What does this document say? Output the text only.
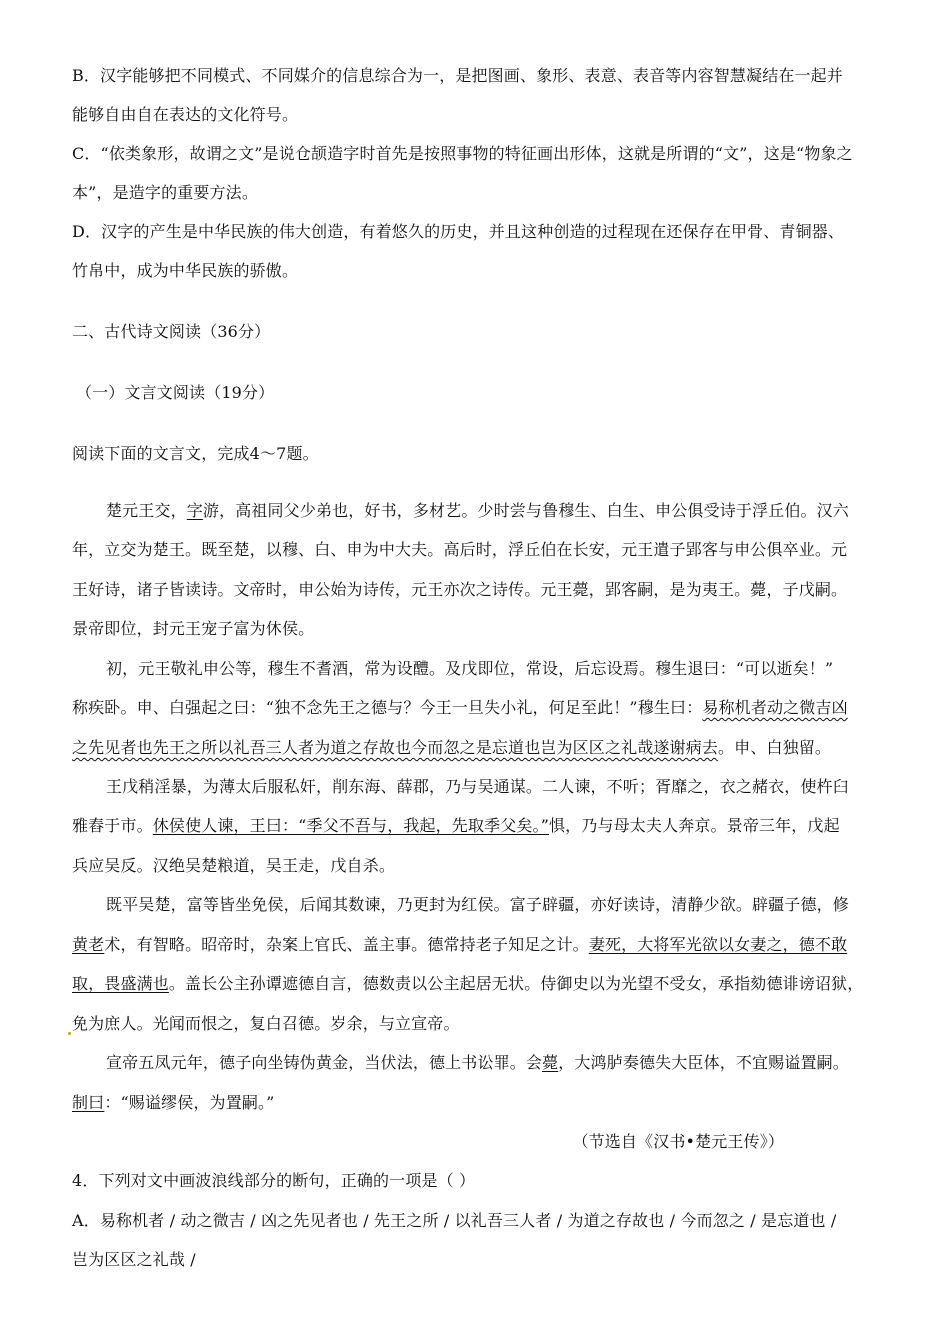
B．汉字能够把不同模式、不同媒介的信息综合为一，是把图画、象形、表意、表音等内容智慧凝结在一起并
能够自由自在表达的文化符号。
C．“依类象形，故谓之文”是说仓颉造字时首先是按照事物的特征画出形体，这就是所谓的“文”，这是“物象之
本”，是造字的重要方法。
D．汉字的产生是中华民族的伟大创造，有着悠久的历史，并且这种创造的过程现在还保存在甲骨、青铜器、
竹帛中，成为中华民族的骄傲。
二、古代诗文阅读（36分）
（一）文言文阅读（19分）
阅读下面的文言文，完成4～7题。
楚元王交，字游，高祖同父少弟也，好书，多材艺。少时尝与鲁穆生、白生、申公俱受诗于浮丘伯。汉六
年，立交为楚王。既至楚，以穆、白、申为中大夫。高后时，浮丘伯在长安，元王遣子郢客与申公俱卒业。元
王好诗，诸子皆读诗。文帝时，申公始为诗传，元王亦次之诗传。元王薨，郢客嗣，是为夷王。薨，子戊嗣。
景帝即位，封元王宠子富为休侯。
初，元王敬礼申公等，穆生不耆酒，常为设醴。及戊即位，常设，后忘设焉。穆生退曰：“可以逝矣！”
称疾卧。申、白强起之曰：“独不念先王之德与？今王一旦失小礼，何足至此！”穆生曰：易称机者动之微吉凶
之先见者也先王之所以礼吾三人者为道之存故也今而忽之是忘道也岂为区区之礼哉遂谢病去。申、白独留。
王戊稍淫暴，为薄太后服私奸，削东海、薛郡，乃与吴通谋。二人谏，不听；胥靡之，衣之赭衣，使杵臼
雅舂于市。休侯使人谏，王曰：“季父不吾与，我起，先取季父矣。”惧，乃与母太夫人奔京。景帝三年，戊起
兵应吴反。汉绝吴楚粮道，吴王走，戊自杀。
既平吴楚，富等皆坐免侯，后闻其数谏，乃更封为红侯。富子辟疆，亦好读诗，清静少欲。辟疆子德，修
黄老术，有智略。昭帝时，杂案上官氏、盖主事。德常持老子知足之计。妻死，大将军光欲以女妻之，德不敢
取，畏盛满也。盖长公主孙谭遮德自言，德数责以公主起居无状。侍御史以为光望不受女，承指劾德诽谤诏狱，
免为庶人。光闻而恨之，复白召德。岁余，与立宣帝。
宣帝五凤元年，德子向坐铸伪黄金，当伏法，德上书讼罪。会薨，大鸿胪奏德失大臣体，不宜赐谥置嗣。
制曰：“赐谥缪侯，为置嗣。”
（节选自《汉书•楚元王传》）
4．下列对文中画波浪线部分的断句，正确的一项是（ ）
A．易称机者 / 动之微吉 / 凶之先见者也 / 先王之所 / 以礼吾三人者 / 为道之存故也 / 今而忽之 / 是忘道也 /
岂为区区之礼哉 /
